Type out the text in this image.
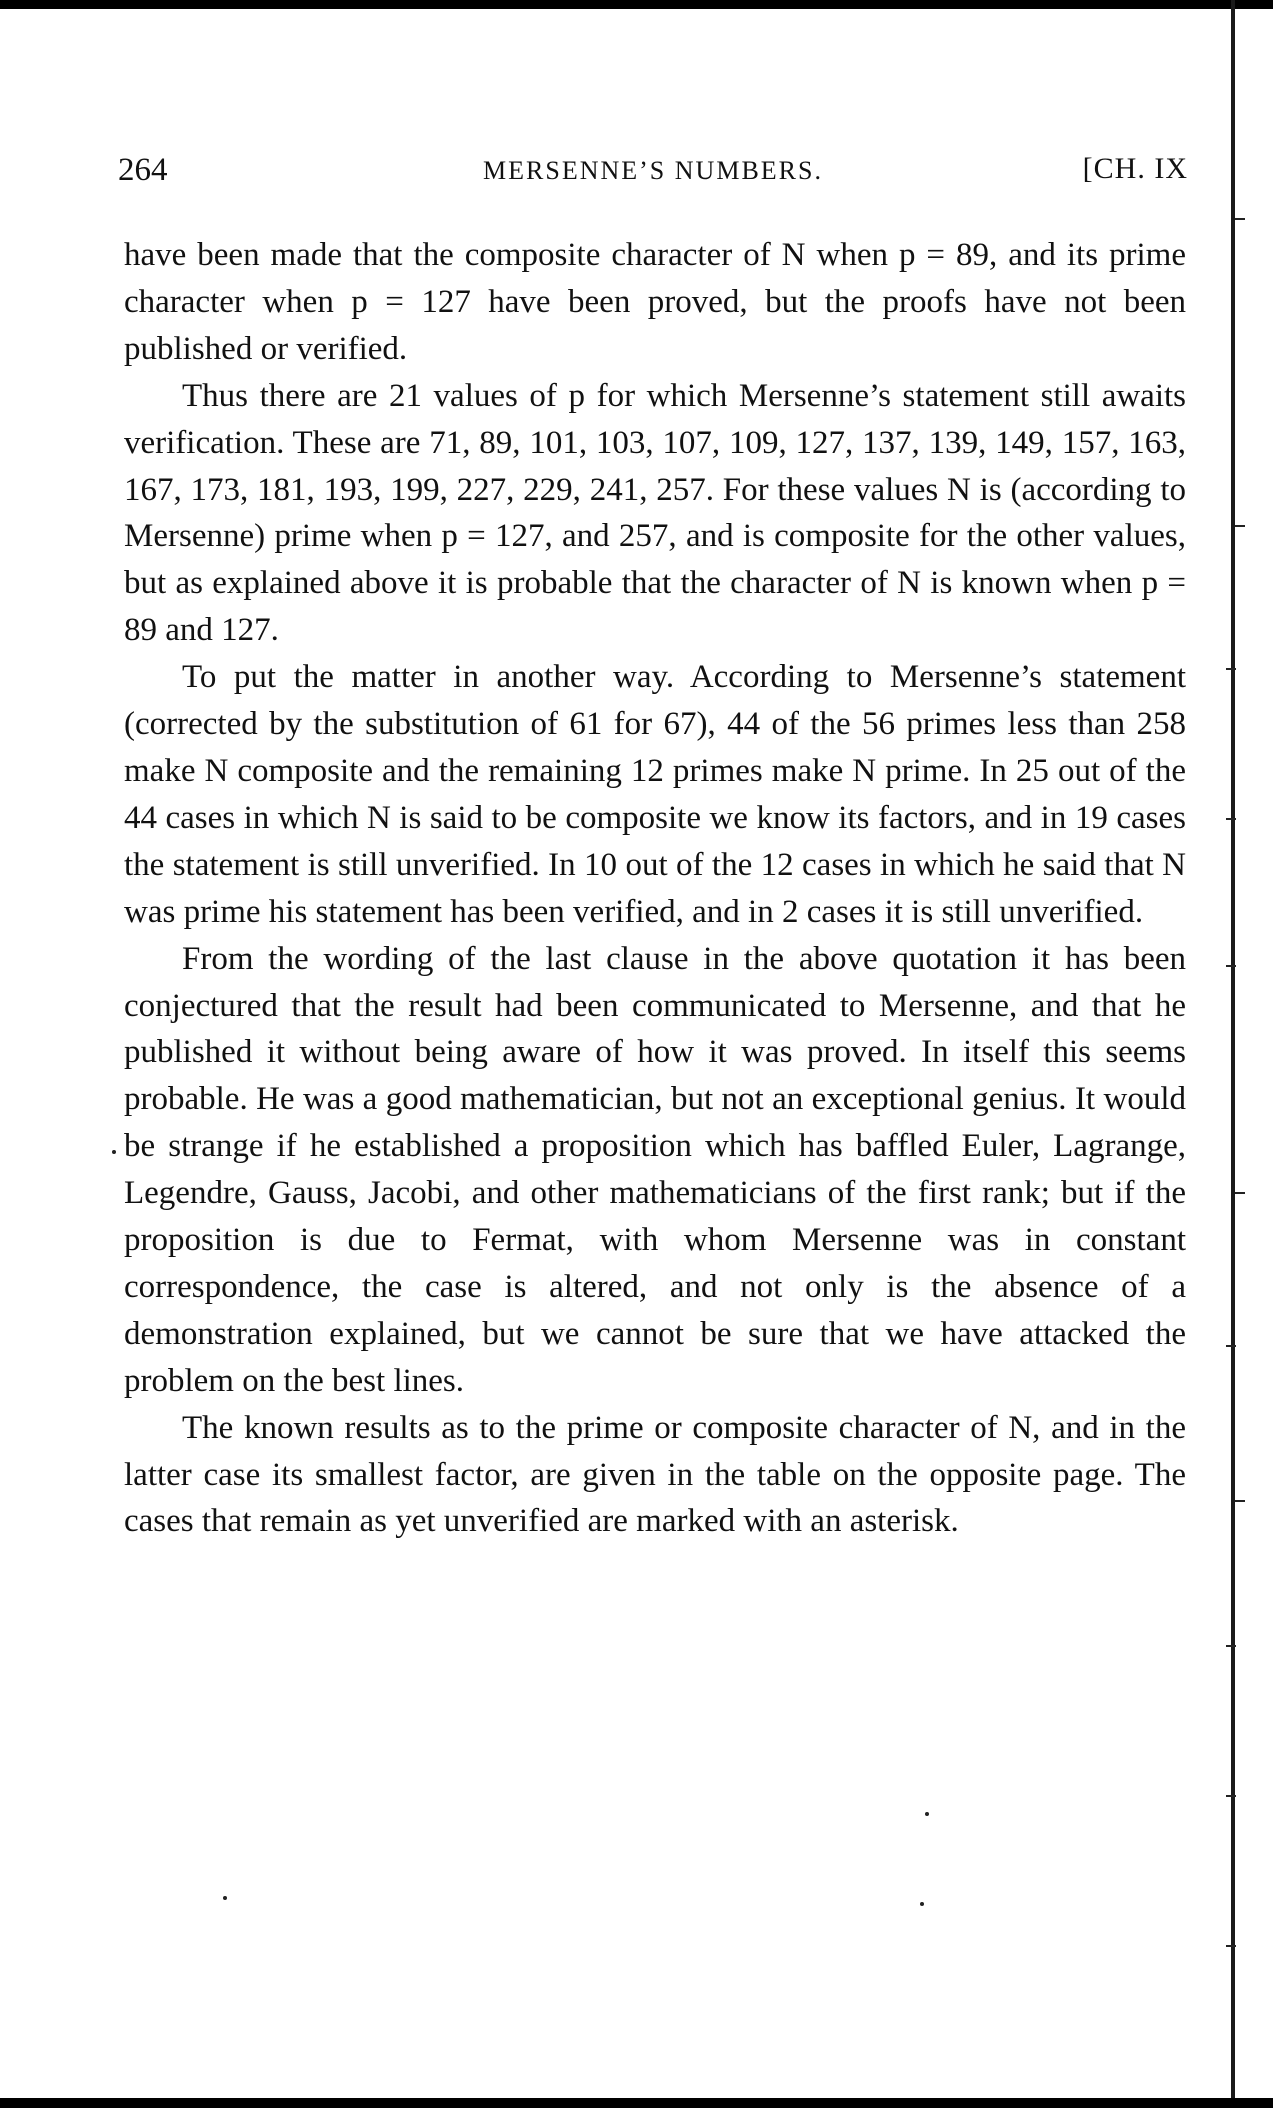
264	MERSENNE’S NUMBERS.	[CH. IX

have been made that the composite character of N when p = 89, and its prime character when p = 127 have been proved, but the proofs have not been published or verified.

Thus there are 21 values of p for which Mersenne’s statement still awaits verification. These are 71, 89, 101, 103, 107, 109, 127, 137, 139, 149, 157, 163, 167, 173, 181, 193, 199, 227, 229, 241, 257. For these values N is (according to Mersenne) prime when p = 127, and 257, and is composite for the other values, but as explained above it is probable that the character of N is known when p = 89 and 127.

To put the matter in another way. According to Mersenne’s statement (corrected by the substitution of 61 for 67), 44 of the 56 primes less than 258 make N composite and the remaining 12 primes make N prime. In 25 out of the 44 cases in which N is said to be composite we know its factors, and in 19 cases the statement is still unverified. In 10 out of the 12 cases in which he said that N was prime his statement has been verified, and in 2 cases it is still unverified.

From the wording of the last clause in the above quotation it has been conjectured that the result had been communicated to Mersenne, and that he published it without being aware of how it was proved. In itself this seems probable. He was a good mathematician, but not an exceptional genius. It would be strange if he established a proposition which has baffled Euler, Lagrange, Legendre, Gauss, Jacobi, and other mathematicians of the first rank; but if the proposition is due to Fermat, with whom Mersenne was in constant correspondence, the case is altered, and not only is the absence of a demonstration explained, but we cannot be sure that we have attacked the problem on the best lines.

The known results as to the prime or composite character of N, and in the latter case its smallest factor, are given in the table on the opposite page. The cases that remain as yet unverified are marked with an asterisk.
